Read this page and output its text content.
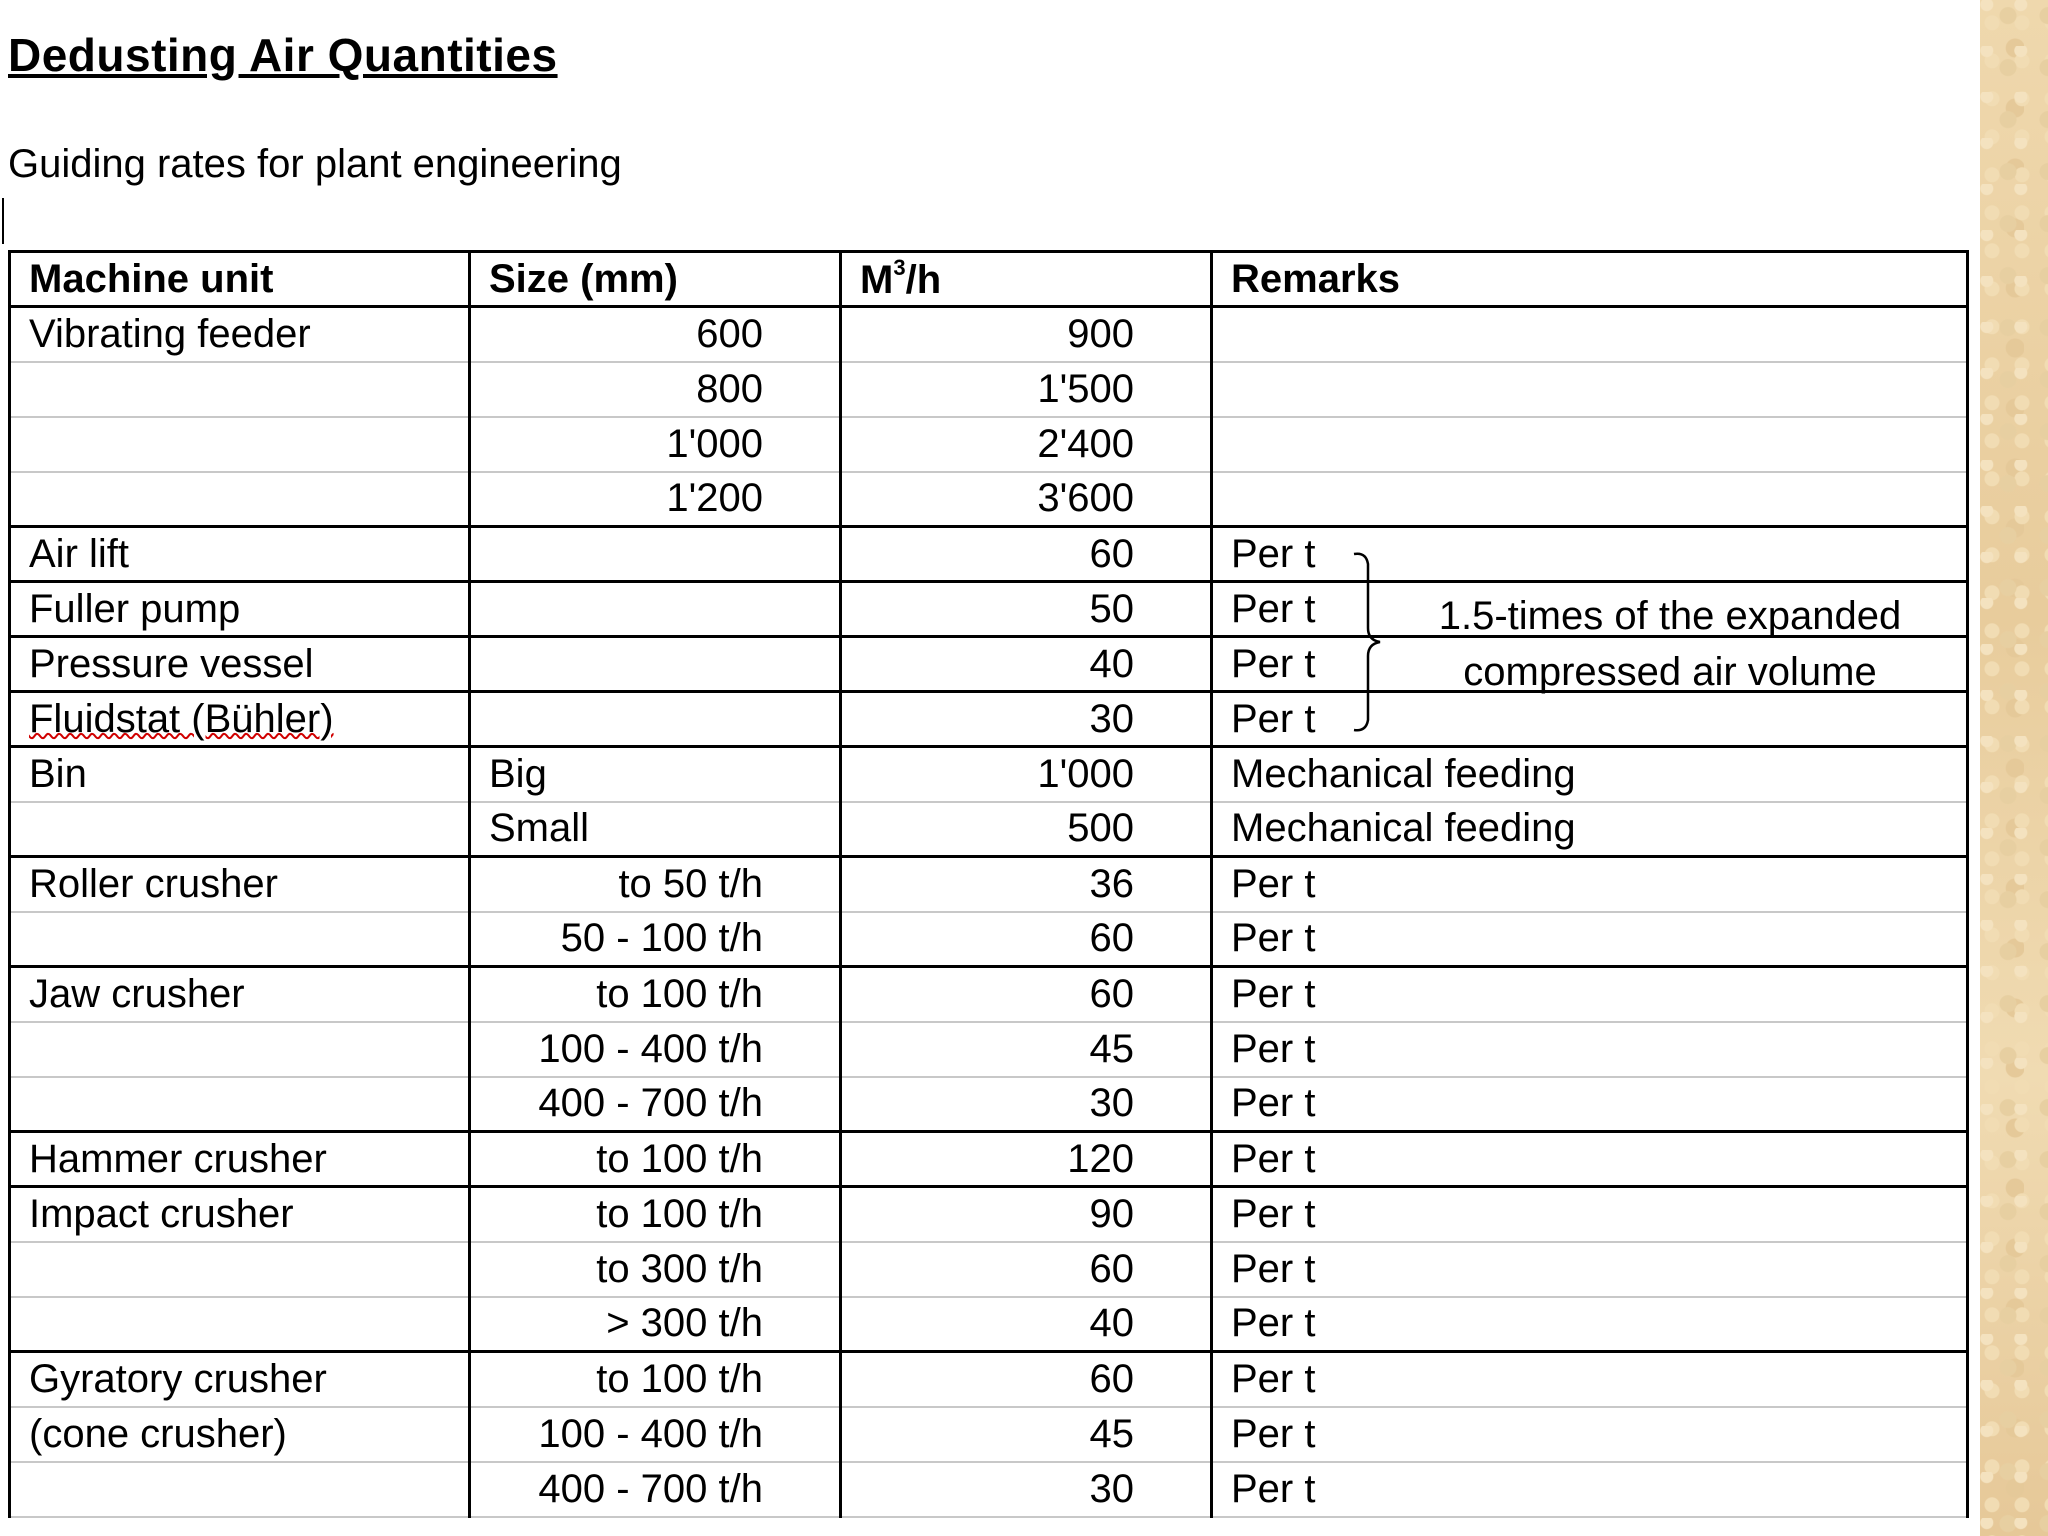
Dedusting Air Quantities
Guiding rates for plant engineering
Machine unit	Size (mm)	$M^3/h$	Remarks
Vibrating feeder	600	900	
	800	1'500	
	1'000	2'400	
	1'200	3'600	
Air lift		60	Per t
Fuller pump		50	Per t
Pressure vessel		40	Per t
Fluidstat (Bühler)		30	Per t
Bin	Big	1'000	Mechanical feeding
	Small	500	Mechanical feeding
Roller crusher	to 50 t/h	36	Per t
	50 - 100 t/h	60	Per t
Jaw crusher	to 100 t/h	60	Per t
	100 - 400 t/h	45	Per t
	400 - 700 t/h	30	Per t
Hammer crusher	to 100 t/h	120	Per t
Impact crusher	to 100 t/h	90	Per t
	to 300 t/h	60	Per t
	> 300 t/h	40	Per t
Gyratory crusher	to 100 t/h	60	Per t
(cone crusher)	100 - 400 t/h	45	Per t
	400 - 700 t/h	30	Per t
1.5-times of the expanded
compressed air volume
